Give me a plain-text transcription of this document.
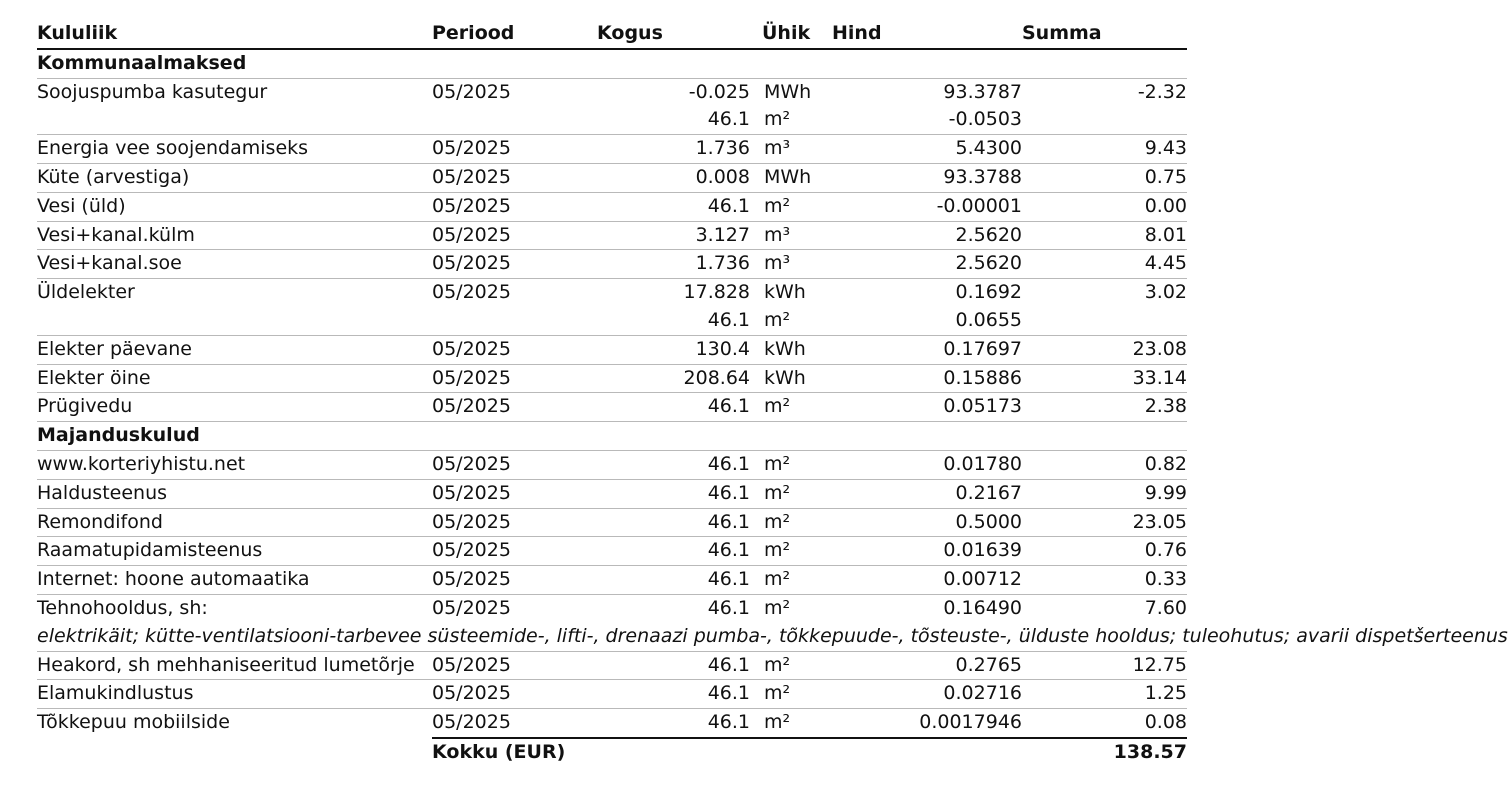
Kululiik	Periood	Kogus	Ühik	Hind	Summa
Kommunaalmaksed					
Soojuspumba kasutegur	05/2025	-0.025	MWh	93.3787	-2.32
		46.1	m²	-0.0503	
Energia vee soojendamiseks	05/2025	1.736	m³	5.4300	9.43
Küte (arvestiga)	05/2025	0.008	MWh	93.3788	0.75
Vesi (üld)	05/2025	46.1	m²	-0.00001	0.00
Vesi+kanal.külm	05/2025	3.127	m³	2.5620	8.01
Vesi+kanal.soe	05/2025	1.736	m³	2.5620	4.45
Üldelekter	05/2025	17.828	kWh	0.1692	3.02
		46.1	m²	0.0655	
Elekter päevane	05/2025	130.4	kWh	0.17697	23.08
Elekter öine	05/2025	208.64	kWh	0.15886	33.14
Prügivedu	05/2025	46.1	m²	0.05173	2.38
Majanduskulud					
www.korteriyhistu.net	05/2025	46.1	m²	0.01780	0.82
Haldusteenus	05/2025	46.1	m²	0.2167	9.99
Remondifond	05/2025	46.1	m²	0.5000	23.05
Raamatupidamisteenus	05/2025	46.1	m²	0.01639	0.76
Internet: hoone automaatika	05/2025	46.1	m²	0.00712	0.33
Tehnohooldus, sh:	05/2025	46.1	m²	0.16490	7.60
elektrikäit; kütte-ventilatsiooni-tarbevee süsteemide-, lifti-, drenaazi pumba-, tõkkepuude-, tõsteuste-, ülduste hooldus; tuleohutus; avarii dispetšerteenus					
Heakord, sh mehhaniseeritud lumetõrje	05/2025	46.1	m²	0.2765	12.75
Elamukindlustus	05/2025	46.1	m²	0.02716	1.25
Tõkkepuu mobiilside	05/2025	46.1	m²	0.0017946	0.08
	Kokku (EUR)				138.57
